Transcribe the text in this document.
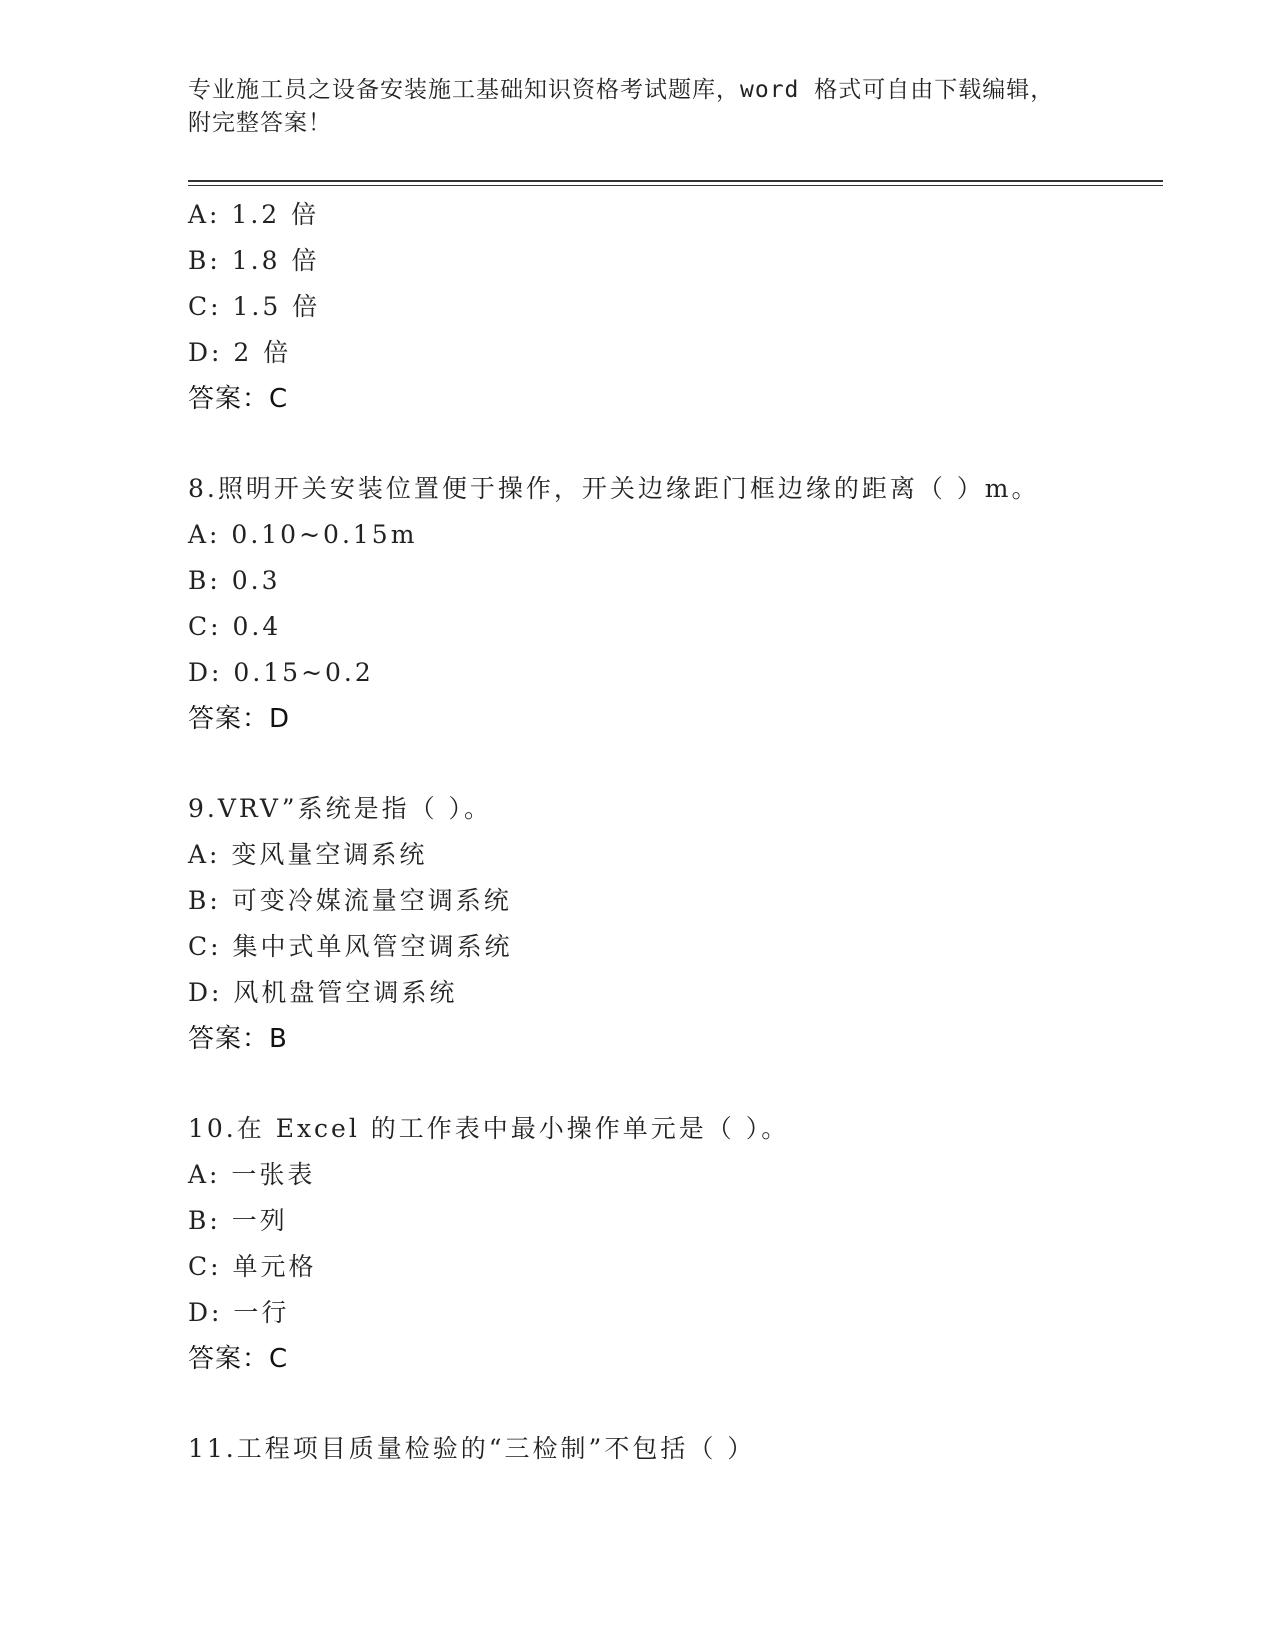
专业施工员之设备安装施工基础知识资格考试题库，word 格式可自由下载编辑，
附完整答案！
A: 1.2 倍
B: 1.8 倍
C: 1.5 倍
D: 2 倍
答案：C
8.照明开关安装位置便于操作，开关边缘距门框边缘的距离（ ）m。
A: 0.10~0.15m
B: 0.3
C: 0.4
D: 0.15~0.2
答案：D
9.VRV”系统是指（ ）。
A: 变风量空调系统
B: 可变冷媒流量空调系统
C: 集中式单风管空调系统
D: 风机盘管空调系统
答案：B
10.在 Excel 的工作表中最小操作单元是（ ）。
A: 一张表
B: 一列
C: 单元格
D: 一行
答案：C
11.工程项目质量检验的“三检制”不包括（ ）
